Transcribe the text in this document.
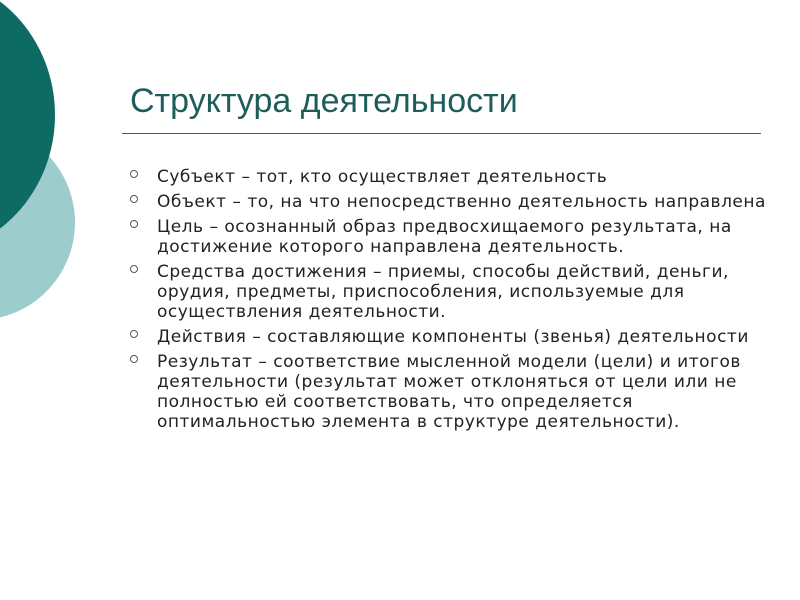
Структура деятельности
Субъект – тот, кто осуществляет деятельность
Объект – то, на что непосредственно деятельность направлена
Цель – осознанный образ предвосхищаемого результата, на достижение которого направлена деятельность.
Средства достижения – приемы, способы действий, деньги, орудия, предметы, приспособления, используемые для осуществления деятельности.
Действия – составляющие компоненты (звенья) деятельности
Результат – соответствие мысленной модели (цели) и итогов деятельности (результат может отклоняться от цели или не полностью ей соответствовать, что определяется оптимальностью элемента в структуре деятельности).
